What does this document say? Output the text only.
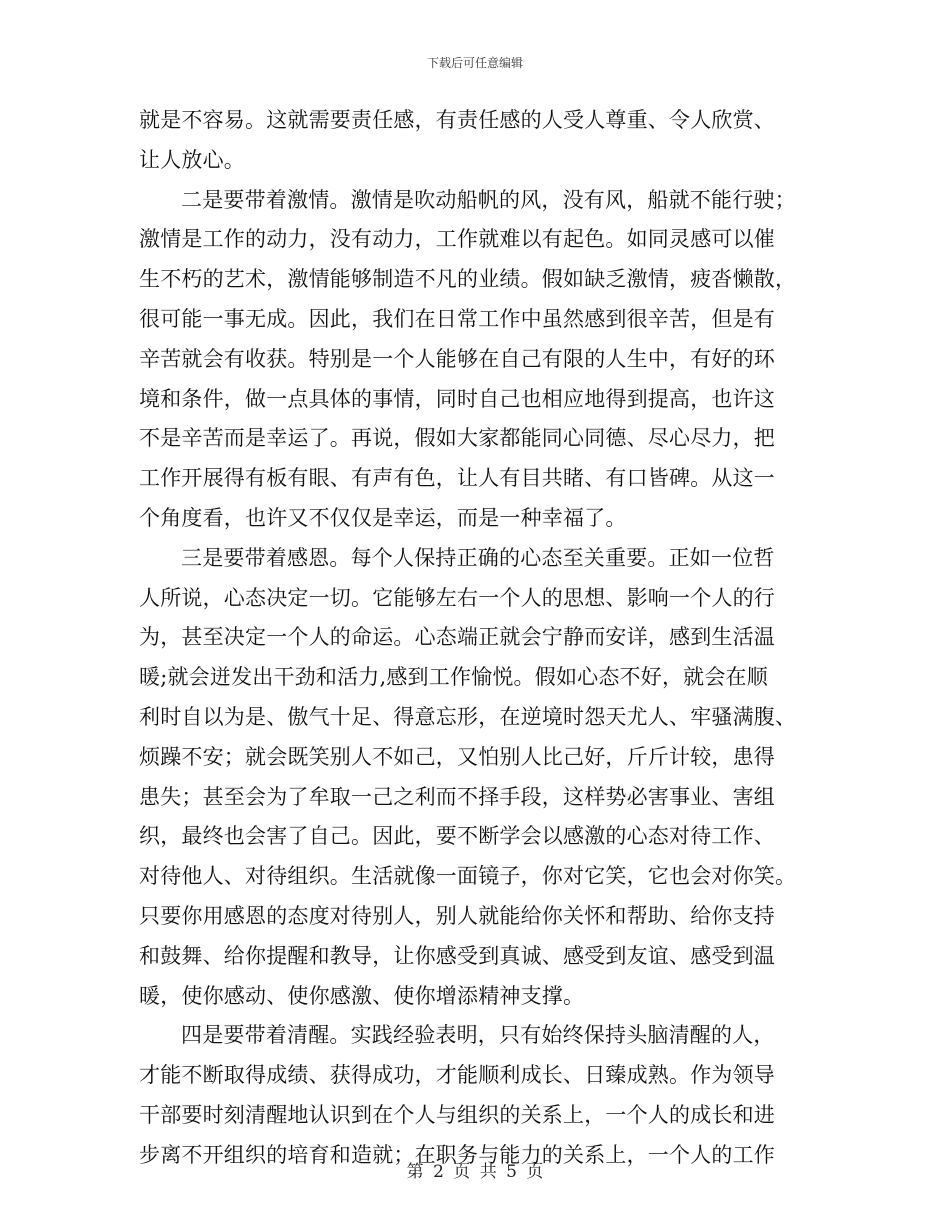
下载后可任意编辑
就是不容易。这就需要责任感，有责任感的人受人尊重、令人欣赏、
让人放心。
二是要带着激情。激情是吹动船帆的风，没有风，船就不能行驶；
激情是工作的动力，没有动力，工作就难以有起色。如同灵感可以催
生不朽的艺术，激情能够制造不凡的业绩。假如缺乏激情，疲沓懒散，
很可能一事无成。因此，我们在日常工作中虽然感到很辛苦，但是有
辛苦就会有收获。特别是一个人能够在自己有限的人生中，有好的环
境和条件，做一点具体的事情，同时自己也相应地得到提高，也许这
不是辛苦而是幸运了。再说，假如大家都能同心同德、尽心尽力，把
工作开展得有板有眼、有声有色，让人有目共睹、有口皆碑。从这一
个角度看，也许又不仅仅是幸运，而是一种幸福了。
三是要带着感恩。每个人保持正确的心态至关重要。正如一位哲
人所说，心态决定一切。它能够左右一个人的思想、影响一个人的行
为，甚至决定一个人的命运。心态端正就会宁静而安详，感到生活温
暖;就会迸发出干劲和活力,感到工作愉悦。假如心态不好，就会在顺
利时自以为是、傲气十足、得意忘形，在逆境时怨天尤人、牢骚满腹、
烦躁不安；就会既笑别人不如己，又怕别人比己好，斤斤计较，患得
患失；甚至会为了牟取一己之利而不择手段，这样势必害事业、害组
织，最终也会害了自己。因此，要不断学会以感激的心态对待工作、
对待他人、对待组织。生活就像一面镜子，你对它笑，它也会对你笑。
只要你用感恩的态度对待别人，别人就能给你关怀和帮助、给你支持
和鼓舞、给你提醒和教导，让你感受到真诚、感受到友谊、感受到温
暖，使你感动、使你感激、使你增添精神支撑。
四是要带着清醒。实践经验表明，只有始终保持头脑清醒的人，
才能不断取得成绩、获得成功，才能顺利成长、日臻成熟。作为领导
干部要时刻清醒地认识到在个人与组织的关系上，一个人的成长和进
步离不开组织的培育和造就；在职务与能力的关系上，一个人的工作
第 2 页 共 5 页
